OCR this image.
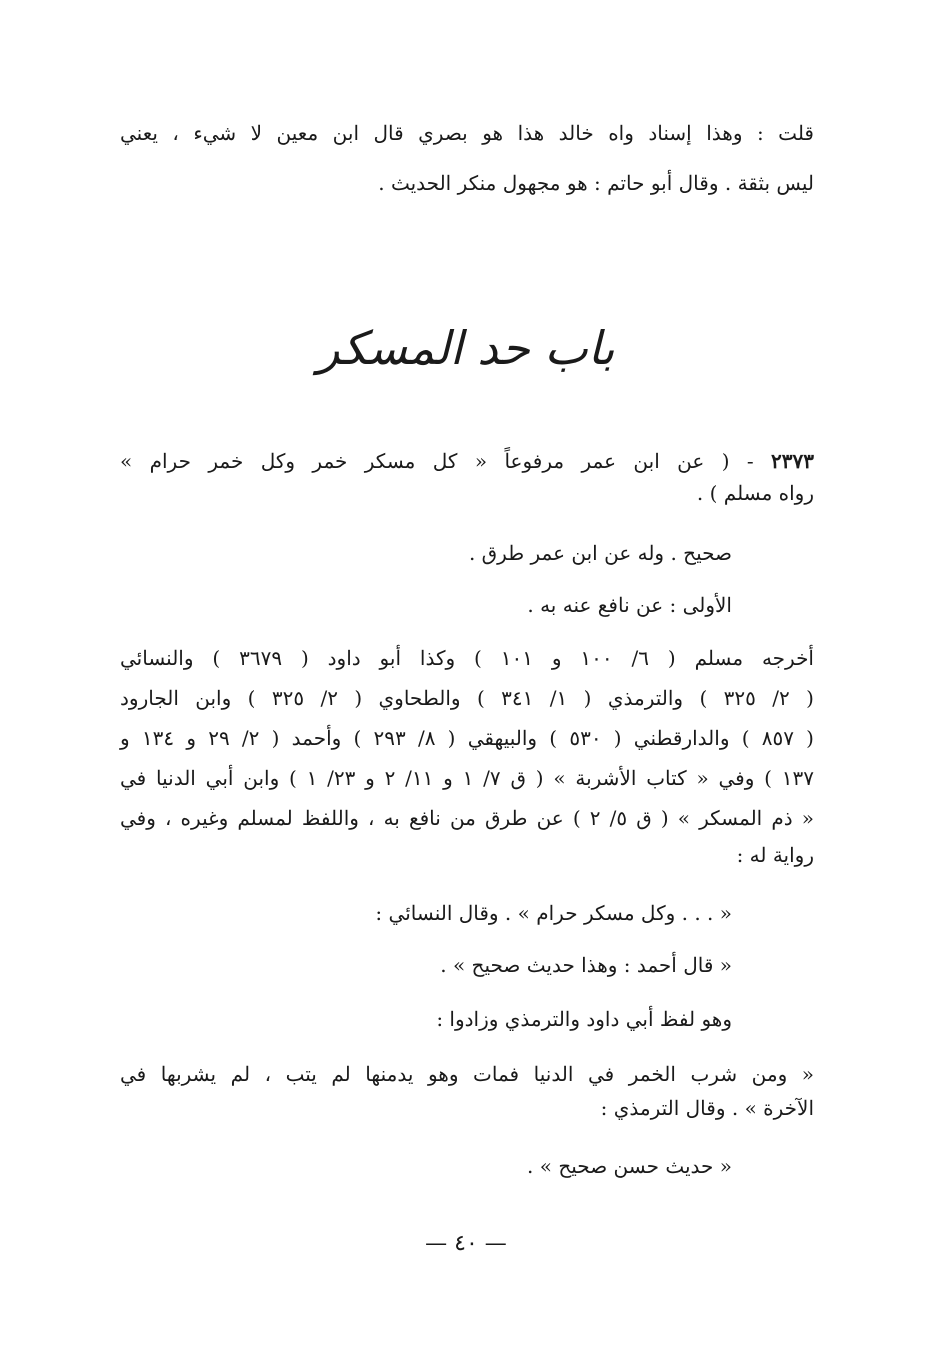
قلت : وهذا إسناد واه خالد هذا هو بصري قال ابن معين لا شيء ، يعني
ليس بثقة . وقال أبو حاتم : هو مجهول منكر الحديث .
باب حد المسكر
٢٣٧٣ - ( عن ابن عمر مرفوعاً « كل مسكر خمر وكل خمر حرام »
رواه مسلم ) .
صحيح . وله عن ابن عمر طرق .
الأولى : عن نافع عنه به .
أخرجه مسلم ( ٦/ ١٠٠ و ١٠١ ) وكذا أبو داود ( ٣٦٧٩ ) والنسائي
( ٢/ ٣٢٥ ) والترمذي ( ١/ ٣٤١ ) والطحاوي ( ٢/ ٣٢٥ ) وابن الجارود
( ٨٥٧ ) والدارقطني ( ٥٣٠ ) والبيهقي ( ٨/ ٢٩٣ ) وأحمد ( ٢/ ٢٩ و ١٣٤ و
١٣٧ ) وفي « كتاب الأشربة » ( ق ٧/ ١ و ١١/ ٢ و ٢٣/ ١ ) وابن أبي الدنيا في
« ذم المسكر » ( ق ٥/ ٢ ) عن طرق من نافع به ، واللفظ لمسلم وغيره ، وفي
رواية له :
« . . . وكل مسكر حرام » . وقال النسائي :
« قال أحمد : وهذا حديث صحيح » .
وهو لفظ أبي داود والترمذي وزادوا :
« ومن شرب الخمر في الدنيا فمات وهو يدمنها لم يتب ، لم يشربها في
الآخرة » . وقال الترمذي :
« حديث حسن صحيح » .
— ٤٠ —
